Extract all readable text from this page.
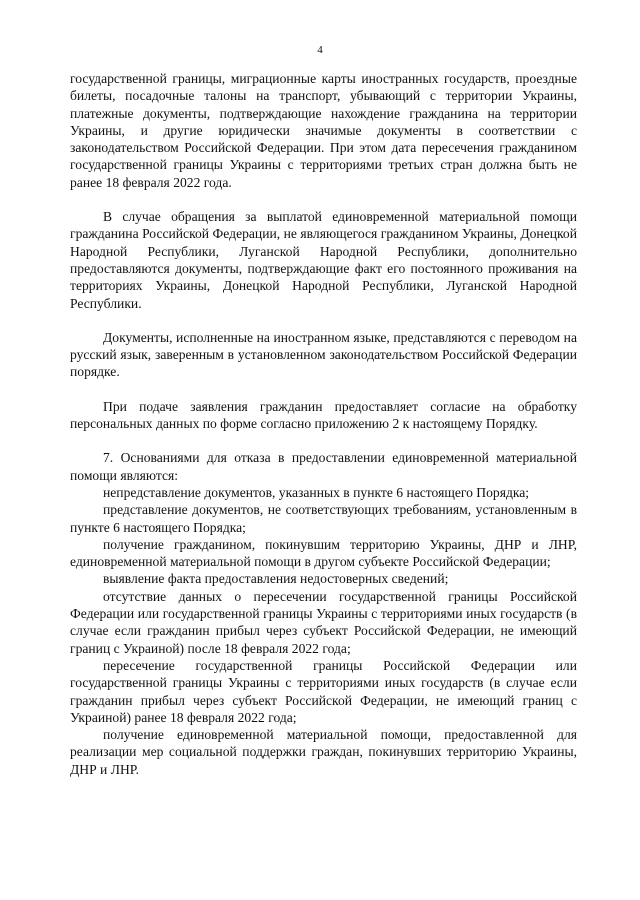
4

государственной границы, миграционные карты иностранных государств, проездные билеты, посадочные талоны на транспорт, убывающий с территории Украины, платежные документы, подтверждающие нахождение гражданина на территории Украины, и другие юридически значимые документы в соответствии с законодательством Российской Федерации. При этом дата пересечения гражданином государственной границы Украины с территориями третьих стран должна быть не ранее 18 февраля 2022 года.

В случае обращения за выплатой единовременной материальной помощи гражданина Российской Федерации, не являющегося гражданином Украины, Донецкой Народной Республики, Луганской Народной Республики, дополнительно предоставляются документы, подтверждающие факт его постоянного проживания на территориях Украины, Донецкой Народной Республики, Луганской Народной Республики.

Документы, исполненные на иностранном языке, представляются с переводом на русский язык, заверенным в установленном законодательством Российской Федерации порядке.

При подаче заявления гражданин предоставляет согласие на обработку персональных данных по форме согласно приложению 2 к настоящему Порядку.

7. Основаниями для отказа в предоставлении единовременной материальной помощи являются:

непредставление документов, указанных в пункте 6 настоящего Порядка;

представление документов, не соответствующих требованиям, установленным в пункте 6 настоящего Порядка;

получение гражданином, покинувшим территорию Украины, ДНР и ЛНР, единовременной материальной помощи в другом субъекте Российской Федерации;

выявление факта предоставления недостоверных сведений;

отсутствие данных о пересечении государственной границы Российской Федерации или государственной границы Украины с территориями иных государств (в случае если гражданин прибыл через субъект Российской Федерации, не имеющий границ с Украиной) после 18 февраля 2022 года;

пересечение государственной границы Российской Федерации или государственной границы Украины с территориями иных государств (в случае если гражданин прибыл через субъект Российской Федерации, не имеющий границ с Украиной) ранее 18 февраля 2022 года;

получение единовременной материальной помощи, предоставленной для реализации мер социальной поддержки граждан, покинувших территорию Украины, ДНР и ЛНР.
